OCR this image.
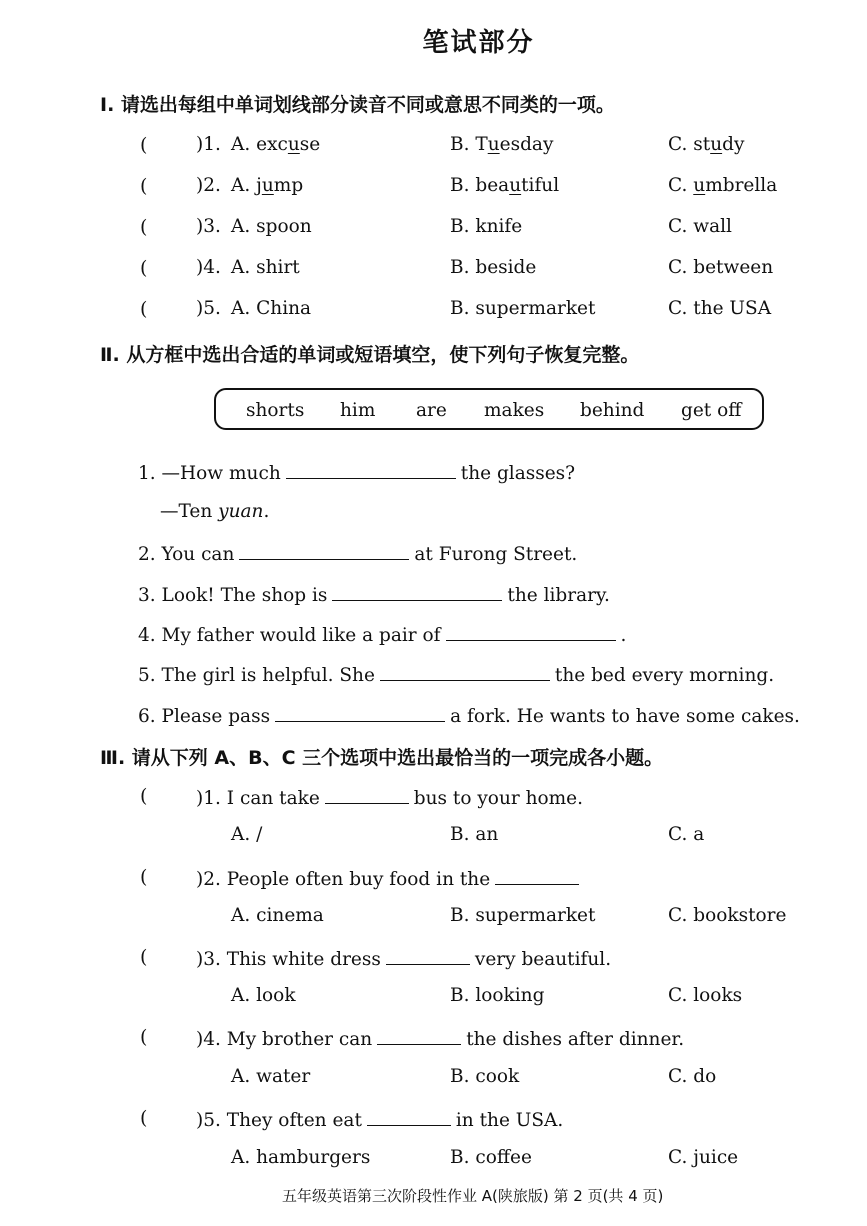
笔试部分
Ⅰ. 请选出每组中单词划线部分读音不同或意思不同类的一项。
(	)1. A. excuse	B. Tuesday	C. study
(	)2. A. jump	B. beautiful	C. umbrella
(	)3. A. spoon	B. knife	C. wall
(	)4. A. shirt	B. beside	C. between
(	)5. A. China	B. supermarket	C. the USA
Ⅱ. 从方框中选出合适的单词或短语填空，使下列句子恢复完整。
shorts him are makes behind get off
1. —How much	the glasses?
—Ten yuan.
2. You can	at Furong Street.
3. Look! The shop is	the library.
4. My father would like a pair of	.
5. The girl is helpful. She	the bed every morning.
6. Please pass	a fork. He wants to have some cakes.
Ⅲ. 请从下列 A、B、C 三个选项中选出最恰当的一项完成各小题。
(	)1. I can take	bus to your home.
A. /	B. an	C. a
(	)2. People often buy food in the
A. cinema	B. supermarket	C. bookstore
(	)3. This white dress	very beautiful.
A. look	B. looking	C. looks
(	)4. My brother can	the dishes after dinner.
A. water	B. cook	C. do
(	)5. They often eat	in the USA.
A. hamburgers	B. coffee	C. juice
五年级英语第三次阶段性作业 A(陕旅版) 第 2 页(共 4 页)
